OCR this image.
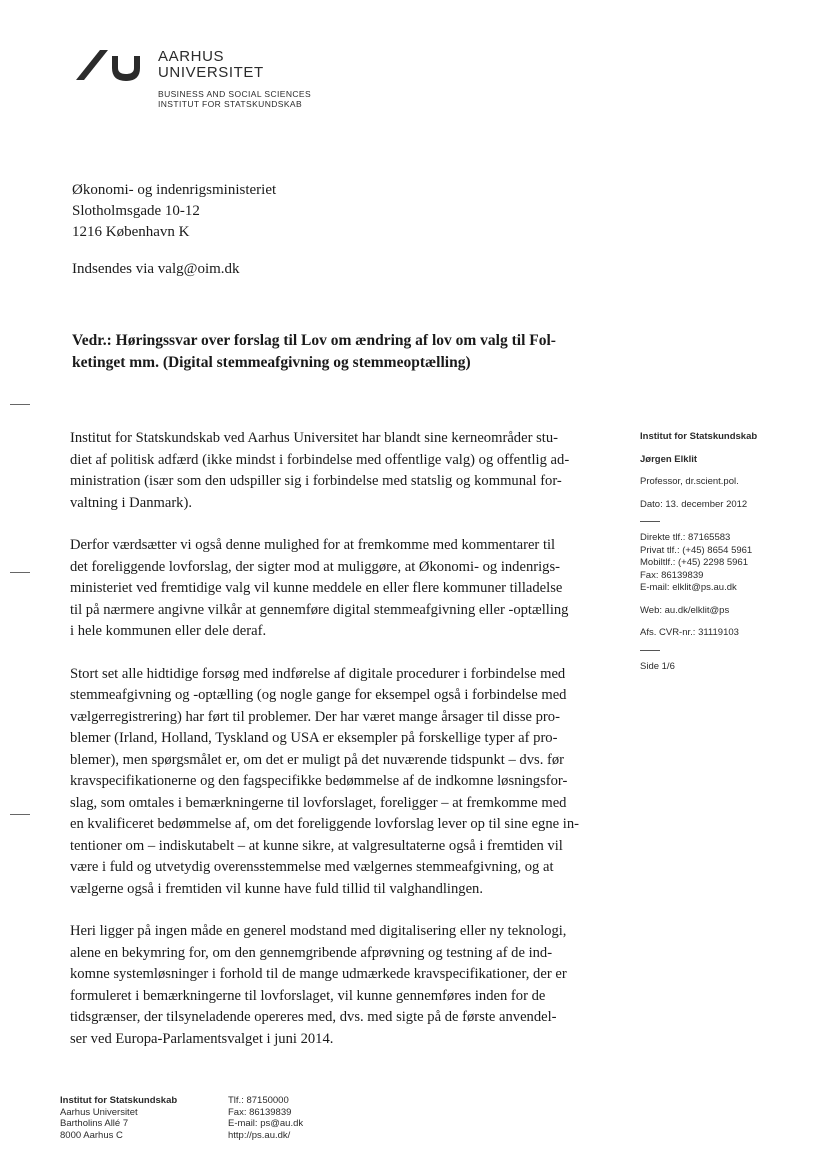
AARHUS
UNIVERSITET
BUSINESS AND SOCIAL SCIENCES
INSTITUT FOR STATSKUNDSKAB
Økonomi- og indenrigsministeriet
Slotholmsgade 10-12
1216 København K
Indsendes via valg@oim.dk
Vedr.: Høringssvar over forslag til Lov om ændring af lov om valg til Fol-
ketinget mm. (Digital stemmeafgivning og stemmeoptælling)

Institut for Statskundskab ved Aarhus Universitet har blandt sine kerneområder stu-
diet af politisk adfærd (ikke mindst i forbindelse med offentlige valg) og offentlig ad-
ministration (især som den udspiller sig i forbindelse med statslig og kommunal for-
valtning i Danmark).

Derfor værdsætter vi også denne mulighed for at fremkomme med kommentarer til
det foreliggende lovforslag, der sigter mod at muliggøre, at Økonomi- og indenrigs-
ministeriet ved fremtidige valg vil kunne meddele en eller flere kommuner tilladelse
til på nærmere angivne vilkår at gennemføre digital stemmeafgivning eller -optælling
i hele kommunen eller dele deraf.

Stort set alle hidtidige forsøg med indførelse af digitale procedurer i forbindelse med
stemmeafgivning og -optælling (og nogle gange for eksempel også i forbindelse med
vælgerregistrering) har ført til problemer. Der har været mange årsager til disse pro-
blemer (Irland, Holland, Tyskland og USA er eksempler på forskellige typer af pro-
blemer), men spørgsmålet er, om det er muligt på det nuværende tidspunkt – dvs. før
kravspecifikationerne og den fagspecifikke bedømmelse af de indkomne løsningsfor-
slag, som omtales i bemærkningerne til lovforslaget, foreligger – at fremkomme med
en kvalificeret bedømmelse af, om det foreliggende lovforslag lever op til sine egne in-
tentioner om – indiskutabelt – at kunne sikre, at valgresultaterne også i fremtiden vil
være i fuld og utvetydig overensstemmelse med vælgernes stemmeafgivning, og at
vælgerne også i fremtiden vil kunne have fuld tillid til valghandlingen.

Heri ligger på ingen måde en generel modstand med digitalisering eller ny teknologi,
alene en bekymring for, om den gennemgribende afprøvning og testning af de ind-
komne systemløsninger i forhold til de mange udmærkede kravspecifikationer, der er
formuleret i bemærkningerne til lovforslaget, vil kunne gennemføres inden for de
tidsgrænser, der tilsyneladende opereres med, dvs. med sigte på de første anvendel-
ser ved Europa-Parlamentsvalget i juni 2014.

Institut for Statskundskab
Jørgen Elklit
Professor, dr.scient.pol.
Dato: 13. december 2012
Direkte tlf.: 87165583
Privat tlf.: (+45) 8654 5961
Mobiltlf.: (+45) 2298 5961
Fax: 86139839
E-mail: elklit@ps.au.dk
Web: au.dk/elklit@ps
Afs. CVR-nr.: 31119103
Side 1/6
Institut for Statskundskab
Aarhus Universitet
Bartholins Allé 7
8000 Aarhus C
Tlf.: 87150000
Fax: 86139839
E-mail: ps@au.dk
http://ps.au.dk/
